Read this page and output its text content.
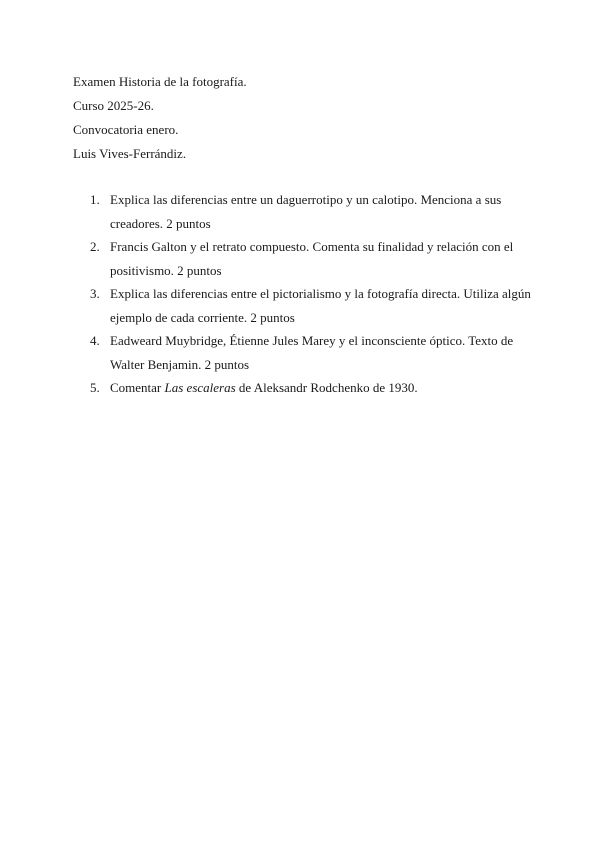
Examen Historia de la fotografía.
Curso 2025-26.
Convocatoria enero.
Luis Vives-Ferrándiz.
1. Explica las diferencias entre un daguerrotipo y un calotipo. Menciona a sus creadores. 2 puntos
2. Francis Galton y el retrato compuesto. Comenta su finalidad y relación con el positivismo. 2 puntos
3. Explica las diferencias entre el pictorialismo y la fotografía directa. Utiliza algún ejemplo de cada corriente. 2 puntos
4. Eadweard Muybridge, Étienne Jules Marey y el inconsciente óptico. Texto de Walter Benjamin. 2 puntos
5. Comentar Las escaleras de Aleksandr Rodchenko de 1930.
